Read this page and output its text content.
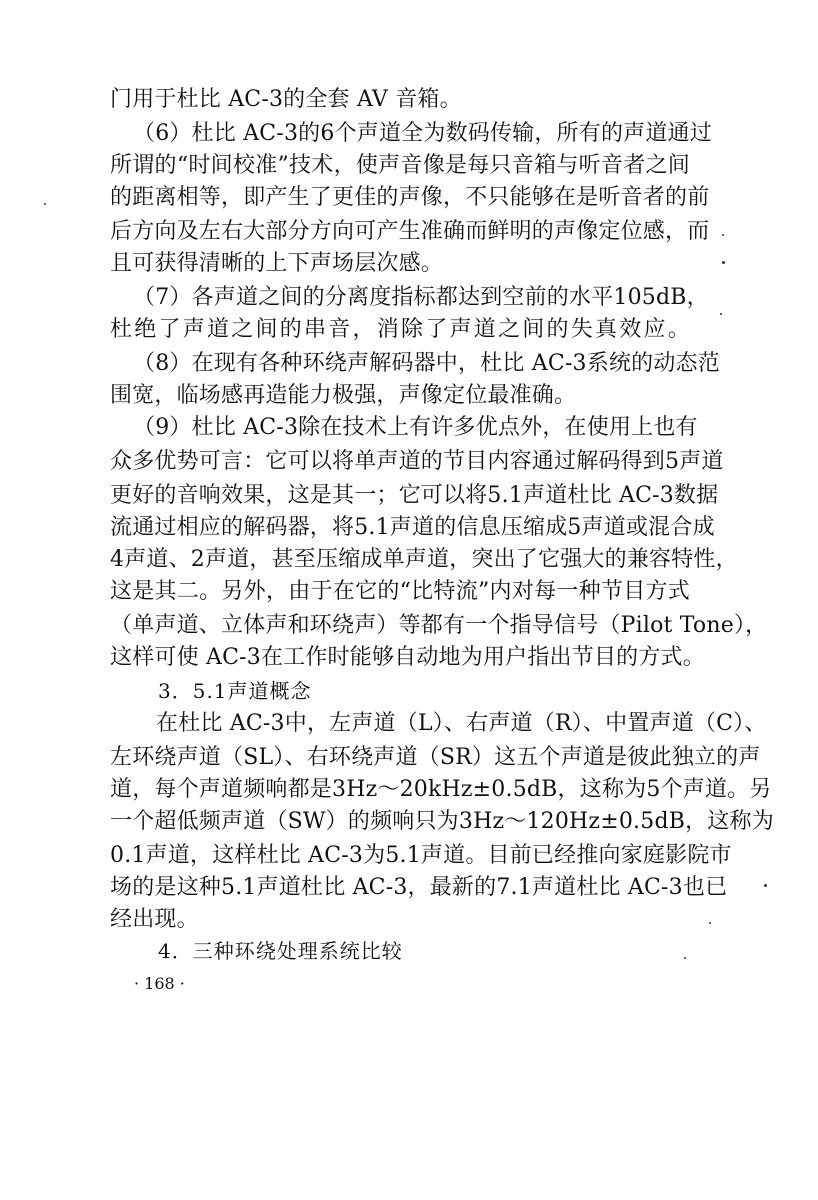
门用于杜比 AC-3的全套 AV 音箱。
（6）杜比 AC-3的6个声道全为数码传输，所有的声道通过
所谓的“时间校准”技术，使声音像是每只音箱与听音者之间
的距离相等，即产生了更佳的声像，不只能够在是听音者的前
后方向及左右大部分方向可产生准确而鲜明的声像定位感，而
且可获得清晰的上下声场层次感。
（7）各声道之间的分离度指标都达到空前的水平105dB，
杜绝了声道之间的串音，消除了声道之间的失真效应。
（8）在现有各种环绕声解码器中，杜比 AC-3系统的动态范
围宽，临场感再造能力极强，声像定位最准确。
（9）杜比 AC-3除在技术上有许多优点外，在使用上也有
众多优势可言：它可以将单声道的节目内容通过解码得到5声道
更好的音响效果，这是其一；它可以将5.1声道杜比 AC-3数据
流通过相应的解码器，将5.1声道的信息压缩成5声道或混合成
4声道、2声道，甚至压缩成单声道，突出了它强大的兼容特性，
这是其二。另外，由于在它的“比特流”内对每一种节目方式
（单声道、立体声和环绕声）等都有一个指导信号（Pilot Tone），
这样可使 AC-3在工作时能够自动地为用户指出节目的方式。
3．5.1声道概念
在杜比 AC-3中，左声道（L）、右声道（R）、中置声道（C）、
左环绕声道（SL）、右环绕声道（SR）这五个声道是彼此独立的声
道，每个声道频响都是3Hz～20kHz±0.5dB，这称为5个声道。另
一个超低频声道（SW）的频响只为3Hz～120Hz±0.5dB，这称为
0.1声道，这样杜比 AC-3为5.1声道。目前已经推向家庭影院市
场的是这种5.1声道杜比 AC-3，最新的7.1声道杜比 AC-3也已
经出现。
4．三种环绕处理系统比较
· 168 ·
